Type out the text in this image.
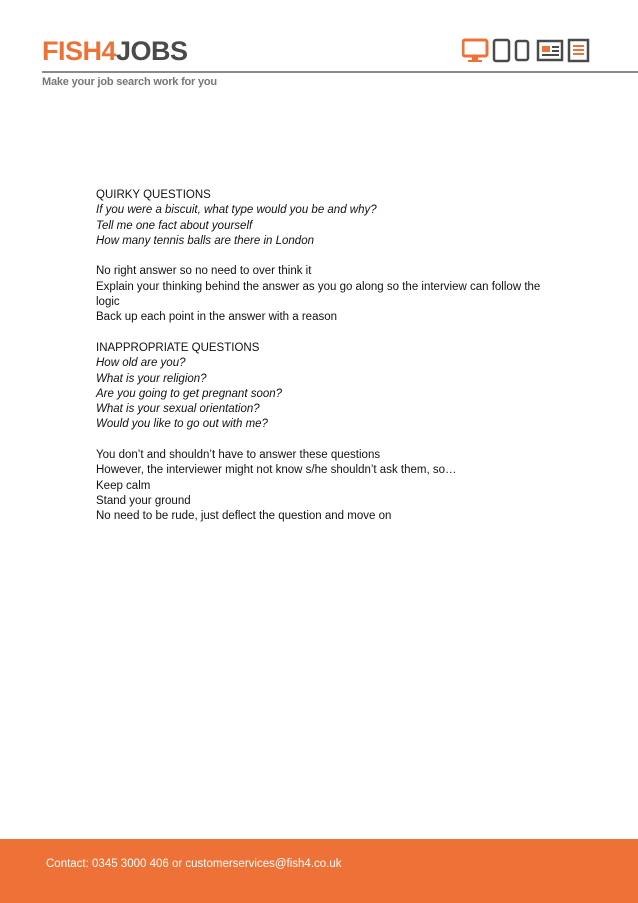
FISH4JOBS
Make your job search work for you

QUIRKY QUESTIONS

If you were a biscuit, what type would you be and why?

Tell me one fact about yourself

How many tennis balls are there in London

No right answer so no need to over think it

Explain your thinking behind the answer as you go along so the interview can follow the logic

Back up each point in the answer with a reason

INAPPROPRIATE QUESTIONS

How old are you?

What is your religion?

Are you going to get pregnant soon?

What is your sexual orientation?

Would you like to go out with me?

You don’t and shouldn’t have to answer these questions

However, the interviewer might not know s/he shouldn’t ask them, so…

Keep calm

Stand your ground

No need to be rude, just deflect the question and move on

Contact: 0345 3000 406 or customerservices@fish4.co.uk
